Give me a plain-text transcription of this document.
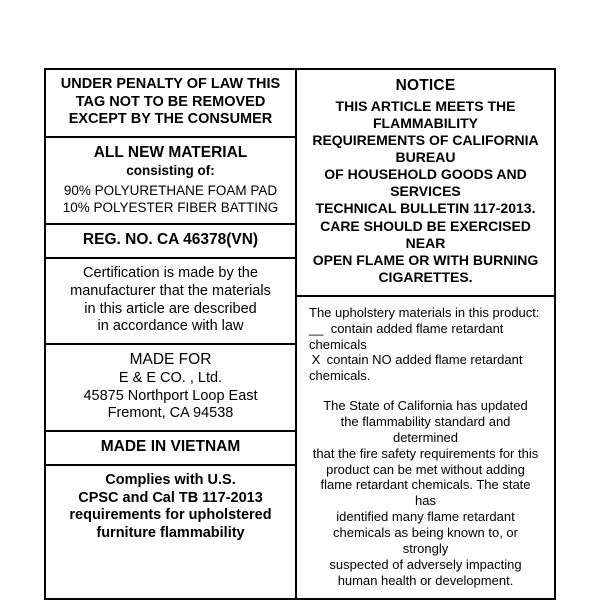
UNDER PENALTY OF LAW THIS
TAG NOT TO BE REMOVED
EXCEPT BY THE CONSUMER
ALL NEW MATERIAL
consisting of:
90% POLYURETHANE FOAM PAD
10% POLYESTER FIBER BATTING
REG. NO. CA 46378(VN)
Certification is made by the
manufacturer that the materials
in this article are described
in accordance with law
MADE FOR
E & E CO. , Ltd.
45875 Northport Loop East
Fremont, CA 94538
MADE IN VIETNAM
Complies with U.S.
CPSC and Cal TB 117-2013
requirements for upholstered
furniture flammability
NOTICE
THIS ARTICLE MEETS THE FLAMMABILITY
REQUIREMENTS OF CALIFORNIA BUREAU
OF HOUSEHOLD GOODS AND SERVICES
TECHNICAL BULLETIN 117-2013.
CARE SHOULD BE EXERCISED NEAR
OPEN FLAME OR WITH BURNING
CIGARETTES.
The upholstery materials in this product:
__  contain added flame retardant chemicals
X contain NO added flame retardant
chemicals.
The State of California has updated
the flammability standard and determined
that the fire safety requirements for this
product can be met without adding
flame retardant chemicals. The state has
identified many flame retardant
chemicals as being known to, or strongly
suspected of adversely impacting
human health or development.
